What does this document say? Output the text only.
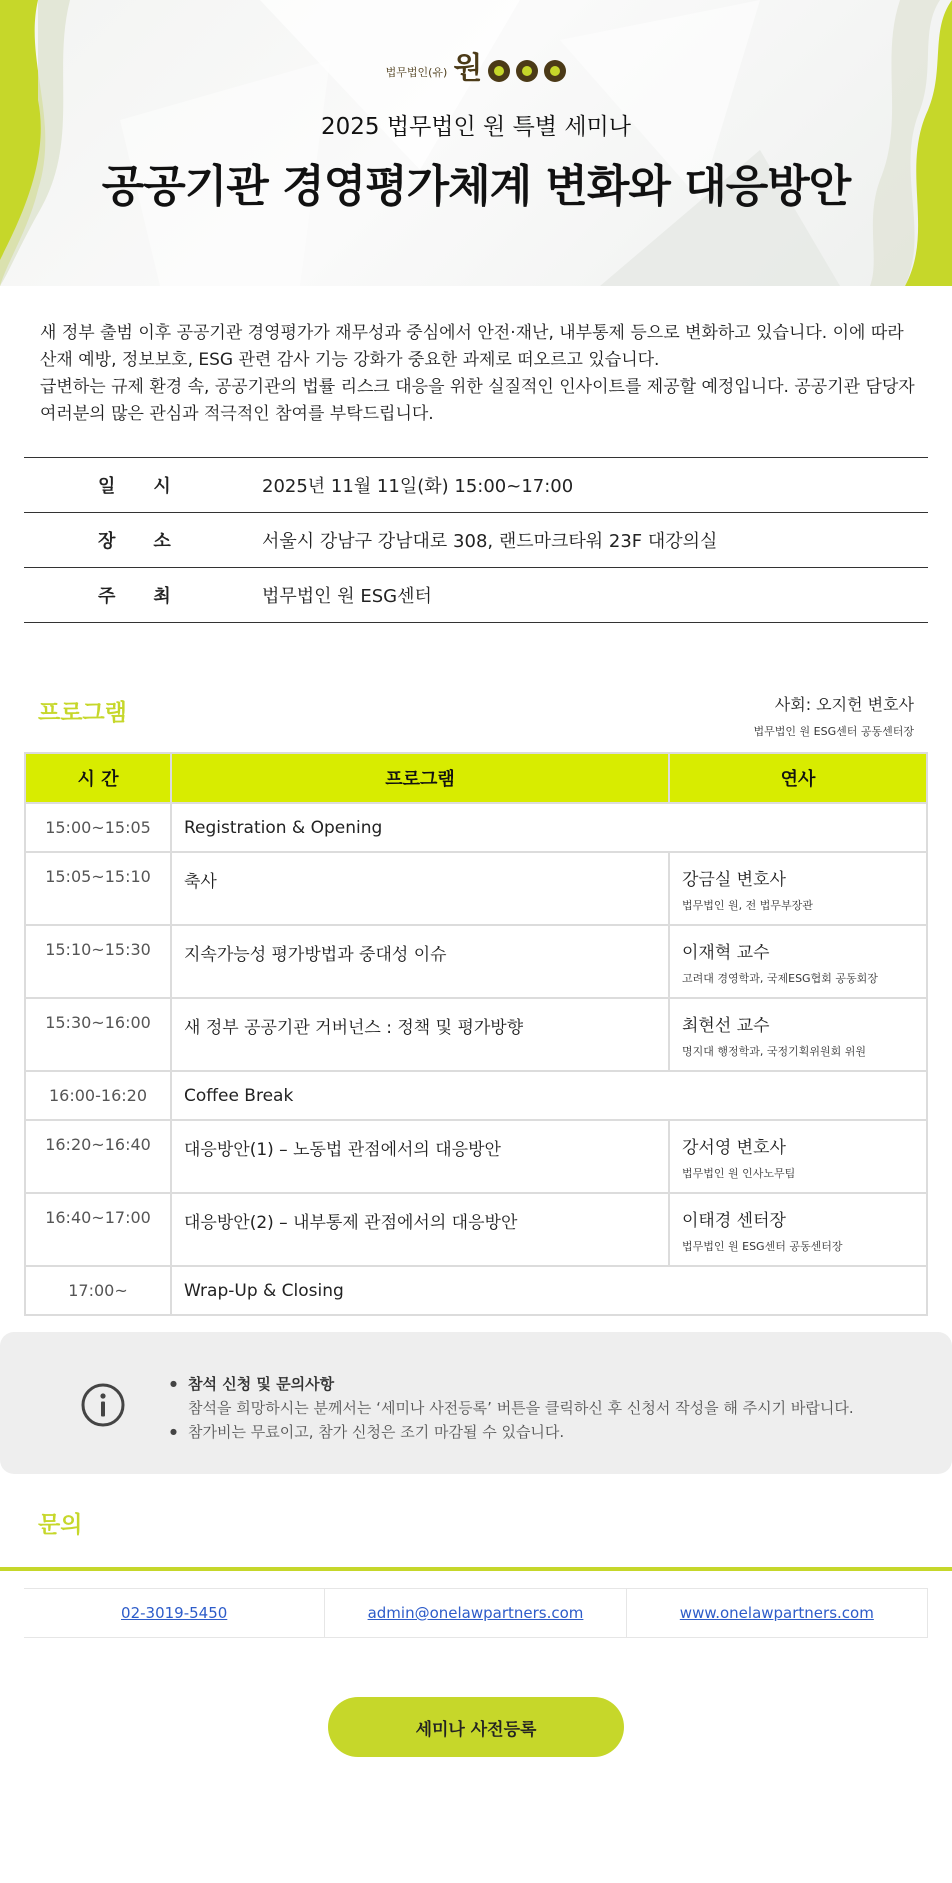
법무법인(유) 원
2025 법무법인 원 특별 세미나
공공기관 경영평가체계 변화와 대응방안

새 정부 출범 이후 공공기관 경영평가가 재무성과 중심에서 안전·재난, 내부통제 등으로 변화하고 있습니다. 이에 따라 산재 예방, 정보보호, ESG 관련 감사 기능 강화가 중요한 과제로 떠오르고 있습니다.

급변하는 규제 환경 속, 공공기관의 법률 리스크 대응을 위한 실질적인 인사이트를 제공할 예정입니다. 공공기관 담당자 여러분의 많은 관심과 적극적인 참여를 부탁드립니다.

일시	2025년 11월 11일(화) 15:00~17:00
장소	서울시 강남구 강남대로 308, 랜드마크타워 23F 대강의실
주최	법무법인 원 ESG센터
프로그램	사회: 오지헌 변호사
법무법인 원 ESG센터 공동센터장
시 간	프로그램	연사
15:00~15:05	Registration & Opening	
15:05~15:10	축사	강금실 변호사
법무법인 원, 전 법무부장관

15:10~15:30	지속가능성 평가방법과 중대성 이슈	이재혁 교수
고려대 경영학과, 국제ESG협회 공동회장

15:30~16:00	새 정부 공공기관 거버넌스 : 정책 및 평가방향	최현선 교수
명지대 행정학과, 국정기획위원회 위원

16:00-16:20	Coffee Break	
16:20~16:40	대응방안(1) – 노동법 관점에서의 대응방안	강서영 변호사
법무법인 원 인사노무팀

16:40~17:00	대응방안(2) – 내부통제 관점에서의 대응방안	이태경 센터장
법무법인 원 ESG센터 공동센터장

17:00~	Wrap-Up & Closing	
● 참석 신청 및 문의사항
참석을 희망하시는 분께서는 ‘세미나 사전등록’ 버튼을 클릭하신 후 신청서 작성을 해 주시기 바랍니다.
● 참가비는 무료이고, 참가 신청은 조기 마감될 수 있습니다.
문의
02-3019-5450	admin@onelawpartners.com	www.onelawpartners.com
세미나 사전등록
